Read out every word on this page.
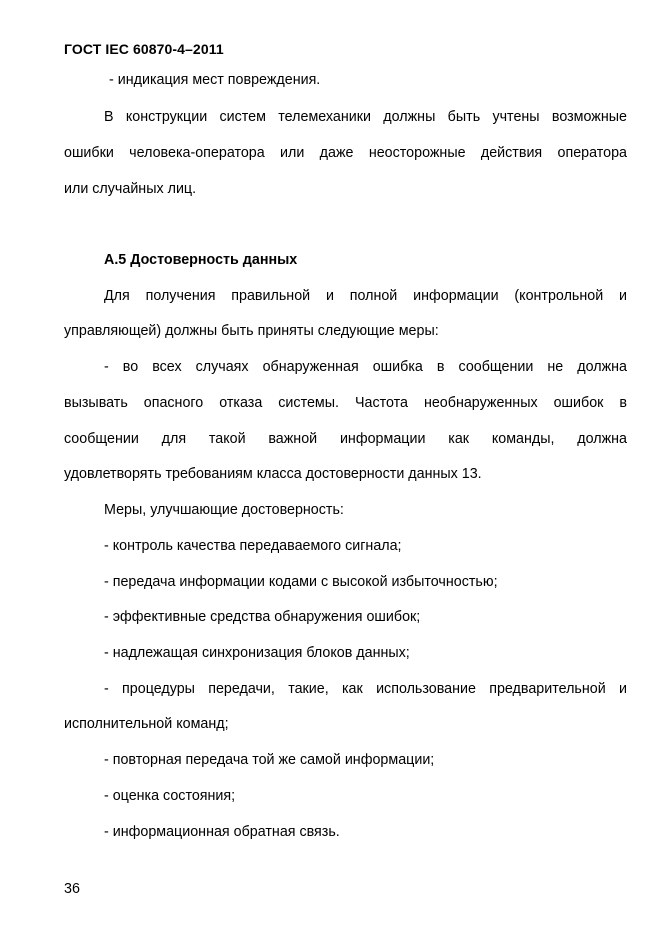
ГОСТ IEC 60870-4–2011
- индикация мест повреждения.
В конструкции систем телемеханики должны быть учтены возможные
ошибки человека-оператора или даже неосторожные действия оператора
или случайных лиц.
А.5 Достоверность данных
Для получения правильной и полной информации (контрольной и
управляющей) должны быть приняты следующие меры:
- во всех случаях обнаруженная ошибка в сообщении не должна
вызывать опасного отказа системы. Частота необнаруженных ошибок в
сообщении для такой важной информации как команды, должна
удовлетворять требованиям класса достоверности данных 13.
Меры, улучшающие достоверность:
- контроль качества передаваемого сигнала;
- передача информации кодами с высокой избыточностью;
- эффективные средства обнаружения ошибок;
- надлежащая синхронизация блоков данных;
- процедуры передачи, такие, как использование предварительной и
исполнительной команд;
- повторная передача той же самой информации;
- оценка состояния;
- информационная обратная связь.
36
